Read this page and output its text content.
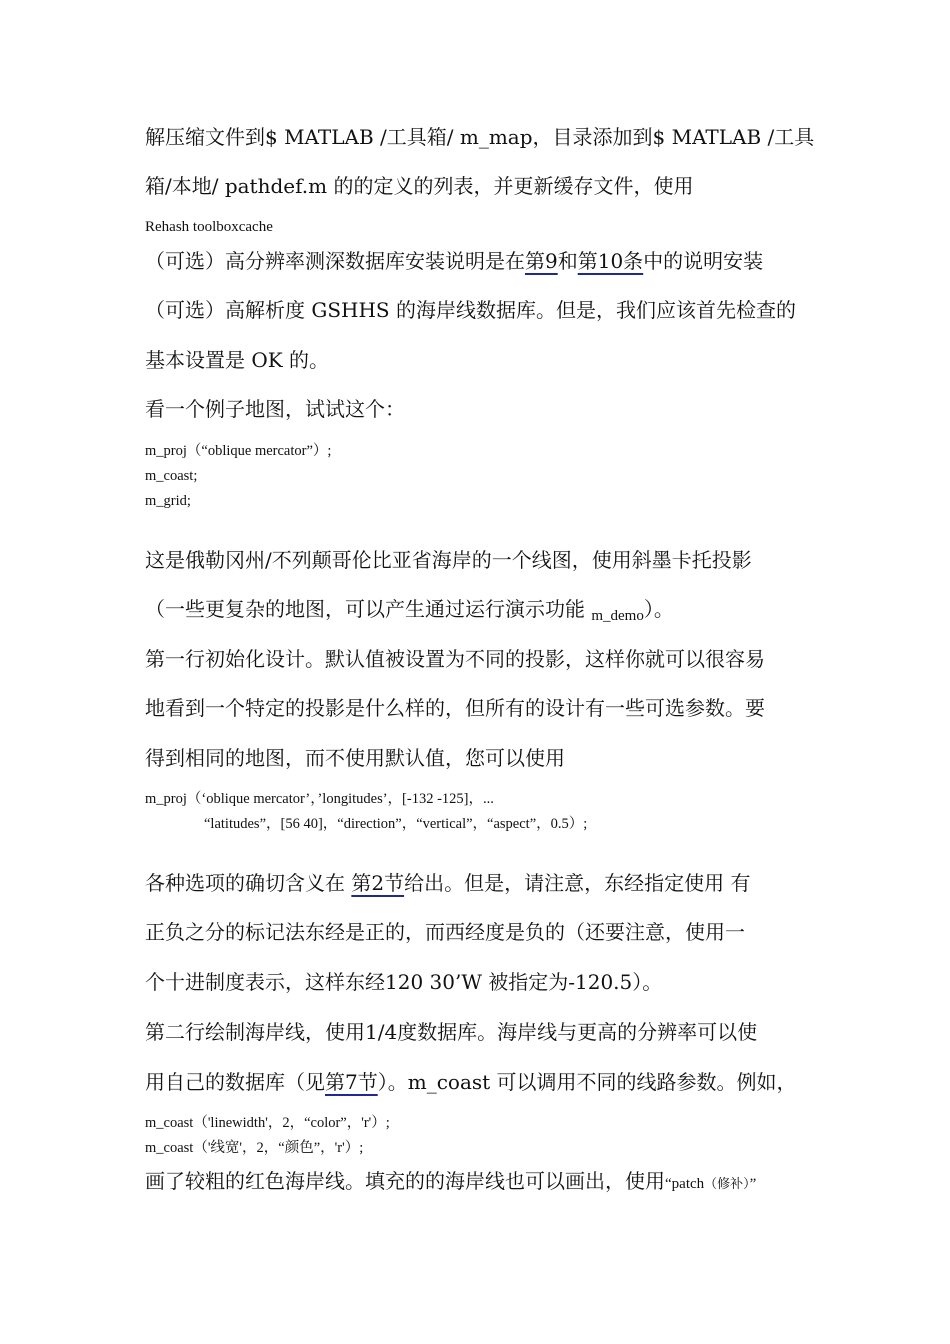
解压缩文件到$ MATLAB /工具箱/ m_map，目录添加到$ MATLAB /工具
箱/本地/ pathdef.m 的的定义的列表，并更新缓存文件，使用
Rehash toolboxcache
（可选）高分辨率测深数据库安装说明是在第9和第10条中的说明安装
（可选）高解析度 GSHHS 的海岸线数据库。但是，我们应该首先检查的
基本设置是 OK 的。
看一个例子地图，试试这个：
m_proj（“oblique mercator”）;
m_coast;
m_grid;
这是俄勒冈州/不列颠哥伦比亚省海岸的一个线图，使用斜墨卡托投影
（一些更复杂的地图，可以产生通过运行演示功能 $_{m\_demo}$）。
第一行初始化设计。默认值被设置为不同的投影，这样你就可以很容易
地看到一个特定的投影是什么样的，但所有的设计有一些可选参数。要
得到相同的地图，而不使用默认值，您可以使用
m_proj（‘oblique mercator’，’longitudes’，[-132 -125]，...
“latitudes”，[56 40]，“direction”，“vertical”，“aspect”，0.5）;
各种选项的确切含义在 第2节给出。但是，请注意，东经指定使用 有
正负之分的标记法东经是正的，而西经度是负的（还要注意，使用一
个十进制度表示，这样东经120 30’W 被指定为-120.5）。
第二行绘制海岸线，使用1/4度数据库。海岸线与更高的分辨率可以使
用自己的数据库（见第7节）。m_coast 可以调用不同的线路参数。例如，
m_coast（'linewidth'，2，“color”，'r'）;
m_coast（'线宽'，2，“颜色”，'r'）;
画了较粗的红色海岸线。填充的的海岸线也可以画出，使用“patch（修补）”
